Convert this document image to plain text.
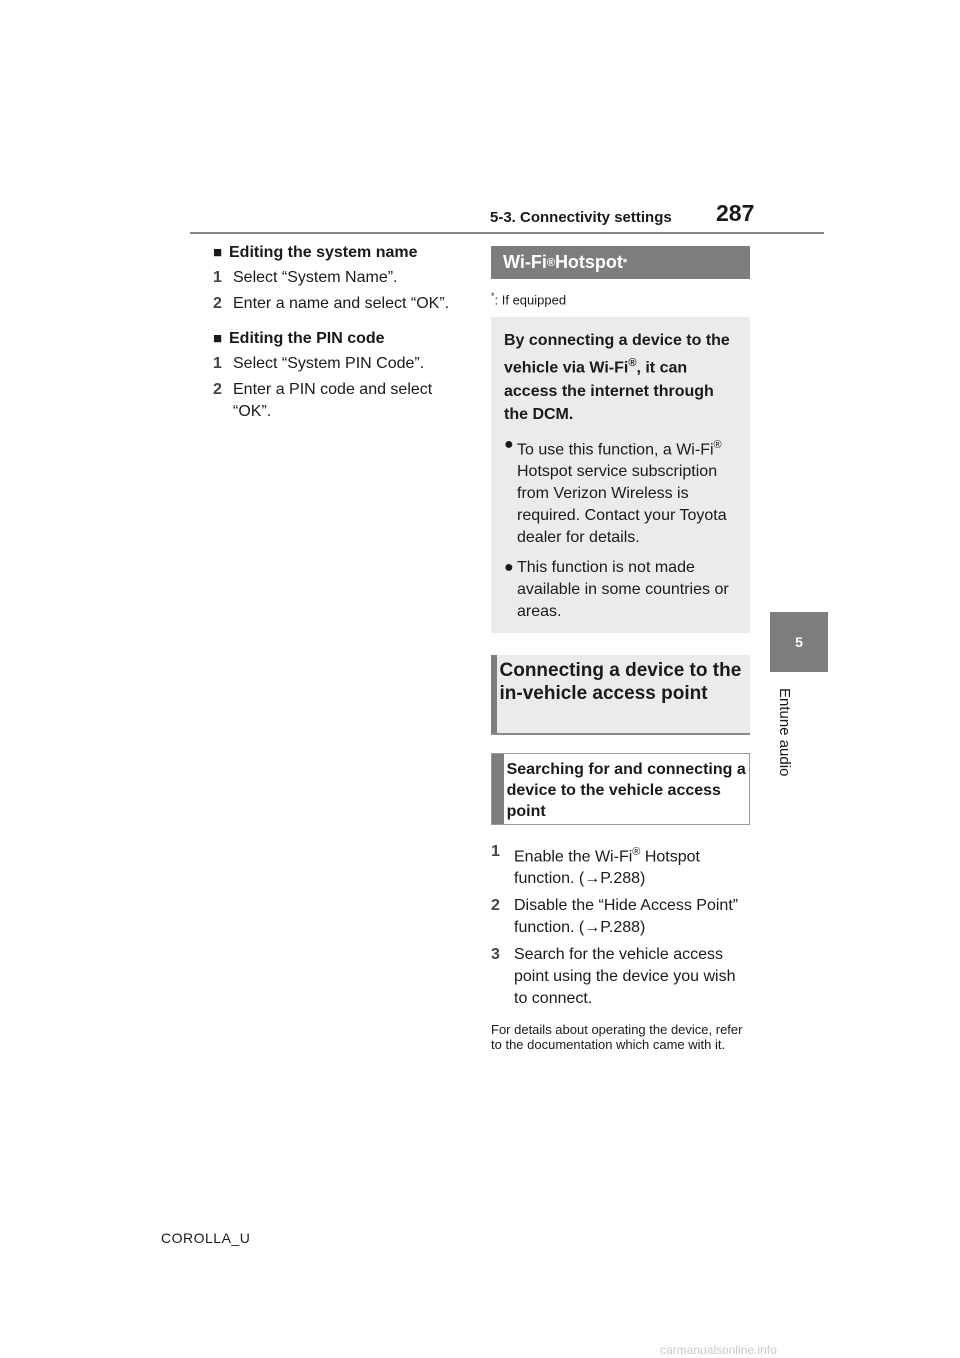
5-3. Connectivity settings 287
5
Entune audio
■ Editing the system name
1 Select “System Name”.
2 Enter a name and select “OK”.
■ Editing the PIN code
1 Select “System PIN Code”.
2 Enter a PIN code and select “OK”.
Wi-Fi ® Hotspot *
*: If equipped
By connecting a device to the vehicle via Wi-Fi®, it can access the internet through the DCM.
● To use this function, a Wi-Fi® Hotspot service subscription from Verizon Wireless is required. Contact your Toyota dealer for details.
● This function is not made available in some countries or areas.
Connecting a device to the in-vehicle access point
Searching for and connecting a device to the vehicle access point
1 Enable the Wi-Fi® Hotspot function. (→P.288)
2 Disable the “Hide Access Point” function. (→P.288)
3 Search for the vehicle access point using the device you wish to connect.
For details about operating the device, refer to the documentation which came with it.
COROLLA_U
carmanualsonline.info
